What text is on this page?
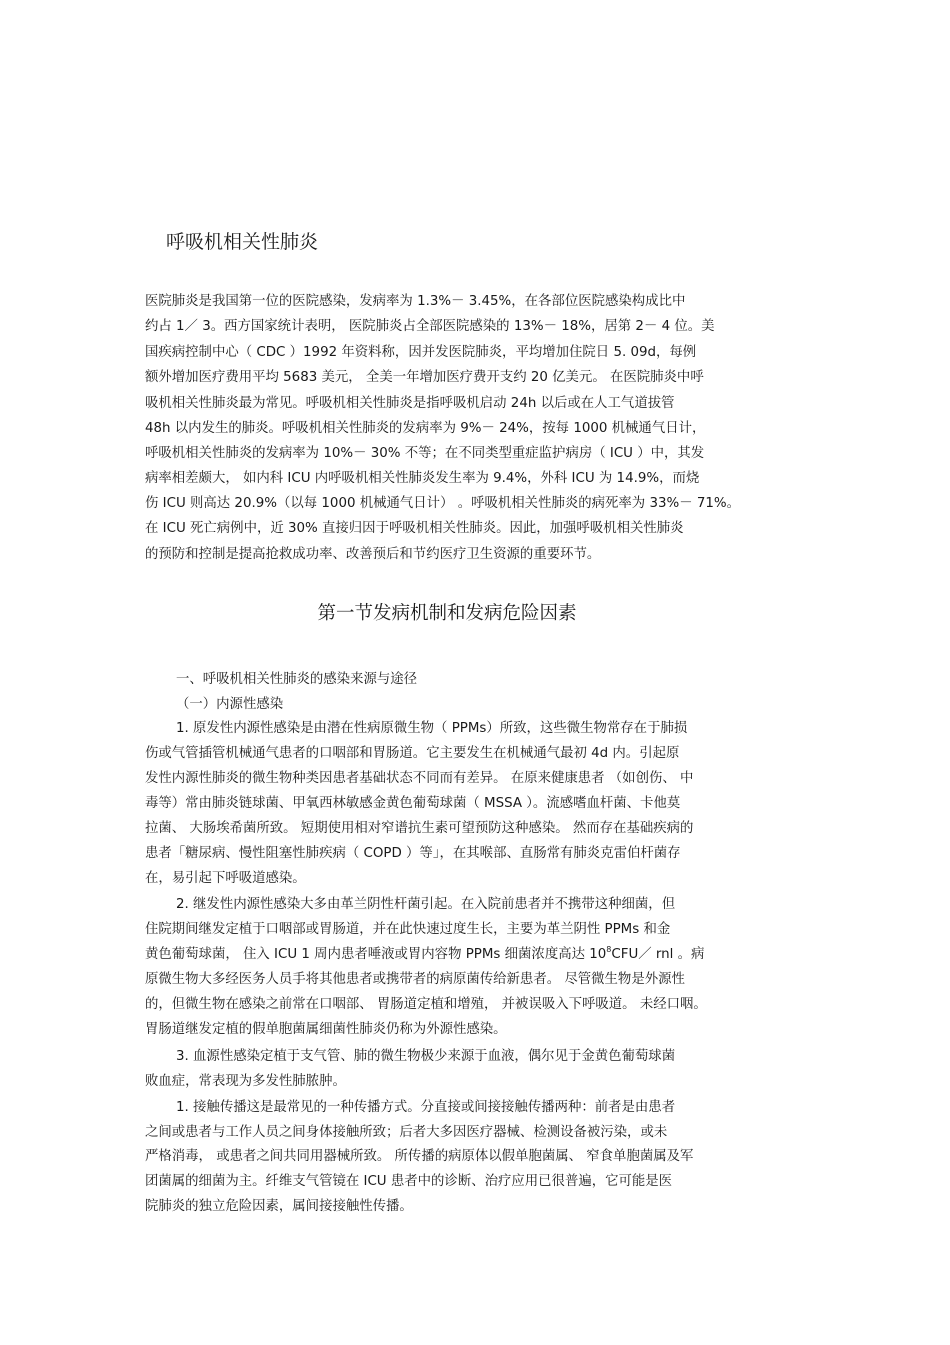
呼吸机相关性肺炎
医院肺炎是我国第一位的医院感染，发病率为 1.3%－ 3.45%，在各部位医院感染构成比中
约占 1／ 3。西方国家统计表明， 医院肺炎占全部医院感染的 13%－ 18%，居第 2－ 4 位。美
国疾病控制中心（ CDC ）1992 年资料称，因并发医院肺炎，平均增加住院日 5. 09d，每例
额外增加医疗费用平均 5683 美元， 全美一年增加医疗费开支约 20 亿美元。 在医院肺炎中呼
吸机相关性肺炎最为常见。呼吸机相关性肺炎是指呼吸机启动 24h 以后或在人工气道拔管
48h 以内发生的肺炎。呼吸机相关性肺炎的发病率为 9%－ 24%，按每 1000 机械通气日计，
呼吸机相关性肺炎的发病率为 10%－ 30% 不等；在不同类型重症监护病房（ ICU ）中，其发
病率相差颇大， 如内科 ICU 内呼吸机相关性肺炎发生率为 9.4%，外科 ICU 为 14.9%，而烧
伤 ICU 则高达 20.9%（以每 1000 机械通气日计） 。呼吸机相关性肺炎的病死率为 33%－ 71%。
在 ICU 死亡病例中，近 30% 直接归因于呼吸机相关性肺炎。因此，加强呼吸机相关性肺炎
的预防和控制是提高抢救成功率、改善预后和节约医疗卫生资源的重要环节。
第一节发病机制和发病危险因素
一、呼吸机相关性肺炎的感染来源与途径
（一）内源性感染
1. 原发性内源性感染是由潜在性病原微生物（ PPMs）所致，这些微生物常存在于肺损
伤或气管插管机械通气患者的口咽部和胃肠道。它主要发生在机械通气最初 4d 内。引起原
发性内源性肺炎的微生物种类因患者基础状态不同而有差异。 在原来健康患者 （如创伤、 中
毒等）常由肺炎链球菌、甲氧西林敏感金黄色葡萄球菌（ MSSA ）。流感嗜血杆菌、卡他莫
拉菌、 大肠埃希菌所致。 短期使用相对窄谱抗生素可望预防这种感染。 然而存在基础疾病的
患者「糖尿病、慢性阻塞性肺疾病（ COPD ）等」，在其喉部、直肠常有肺炎克雷伯杆菌存
在，易引起下呼吸道感染。
2. 继发性内源性感染大多由革兰阴性杆菌引起。在入院前患者并不携带这种细菌，但
住院期间继发定植于口咽部或胃肠道，并在此快速过度生长，主要为革兰阴性 PPMs 和金
黄色葡萄球菌， 住入 ICU 1 周内患者唾液或胃内容物 PPMs 细菌浓度高达 $10^8CFU/$ rnl 。病
原微生物大多经医务人员手将其他患者或携带者的病原菌传给新患者。 尽管微生物是外源性
的，但微生物在感染之前常在口咽部、 胃肠道定植和增殖， 并被误吸入下呼吸道。 未经口咽。
胃肠道继发定植的假单胞菌属细菌性肺炎仍称为外源性感染。
3. 血源性感染定植于支气管、肺的微生物极少来源于血液，偶尔见于金黄色葡萄球菌
败血症，常表现为多发性肺脓肿。
1. 接触传播这是最常见的一种传播方式。分直接或间接接触传播两种：前者是由患者
之间或患者与工作人员之间身体接触所致；后者大多因医疗器械、检测设备被污染，或未
严格消毒， 或患者之间共同用器械所致。 所传播的病原体以假单胞菌属、 窄食单胞菌属及军
团菌属的细菌为主。纤维支气管镜在 ICU 患者中的诊断、治疗应用已很普遍，它可能是医
院肺炎的独立危险因素，属间接接触性传播。
